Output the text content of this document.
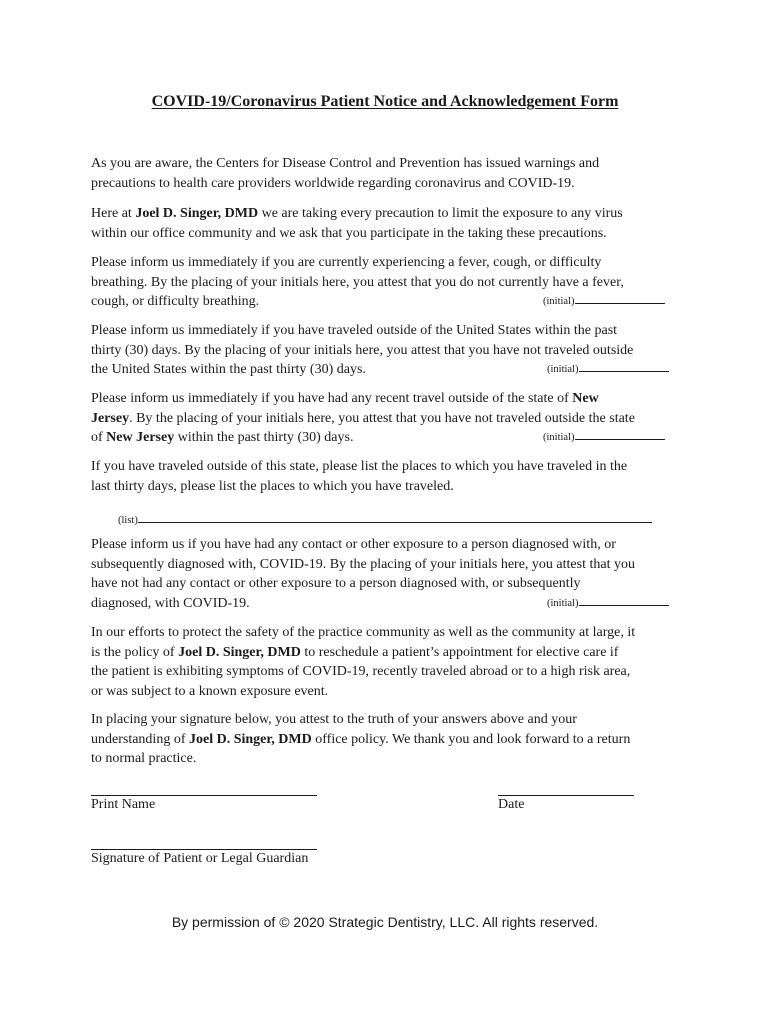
COVID-19/Coronavirus Patient Notice and Acknowledgement Form
As you are aware, the Centers for Disease Control and Prevention has issued warnings and
precautions to health care providers worldwide regarding coronavirus and COVID-19.
Here at Joel D. Singer, DMD we are taking every precaution to limit the exposure to any virus
within our office community and we ask that you participate in the taking these precautions.
Please inform us immediately if you are currently experiencing a fever, cough, or difficulty
breathing. By the placing of your initials here, you attest that you do not currently have a fever,
cough, or difficulty breathing.	(initial)
Please inform us immediately if you have traveled outside of the United States within the past
thirty (30) days. By the placing of your initials here, you attest that you have not traveled outside
the United States within the past thirty (30) days.	(initial)
Please inform us immediately if you have had any recent travel outside of the state of New
Jersey. By the placing of your initials here, you attest that you have not traveled outside the state
of New Jersey within the past thirty (30) days.	(initial)
If you have traveled outside of this state, please list the places to which you have traveled in the
last thirty days, please list the places to which you have traveled.
(list)
Please inform us if you have had any contact or other exposure to a person diagnosed with, or
subsequently diagnosed with, COVID-19. By the placing of your initials here, you attest that you
have not had any contact or other exposure to a person diagnosed with, or subsequently
diagnosed, with COVID-19.	(initial)
In our efforts to protect the safety of the practice community as well as the community at large, it
is the policy of Joel D. Singer, DMD to reschedule a patient’s appointment for elective care if
the patient is exhibiting symptoms of COVID-19, recently traveled abroad or to a high risk area,
or was subject to a known exposure event.
In placing your signature below, you attest to the truth of your answers above and your
understanding of Joel D. Singer, DMD office policy. We thank you and look forward to a return
to normal practice.
Print Name	Date
Signature of Patient or Legal Guardian
By permission of © 2020 Strategic Dentistry, LLC. All rights reserved.
